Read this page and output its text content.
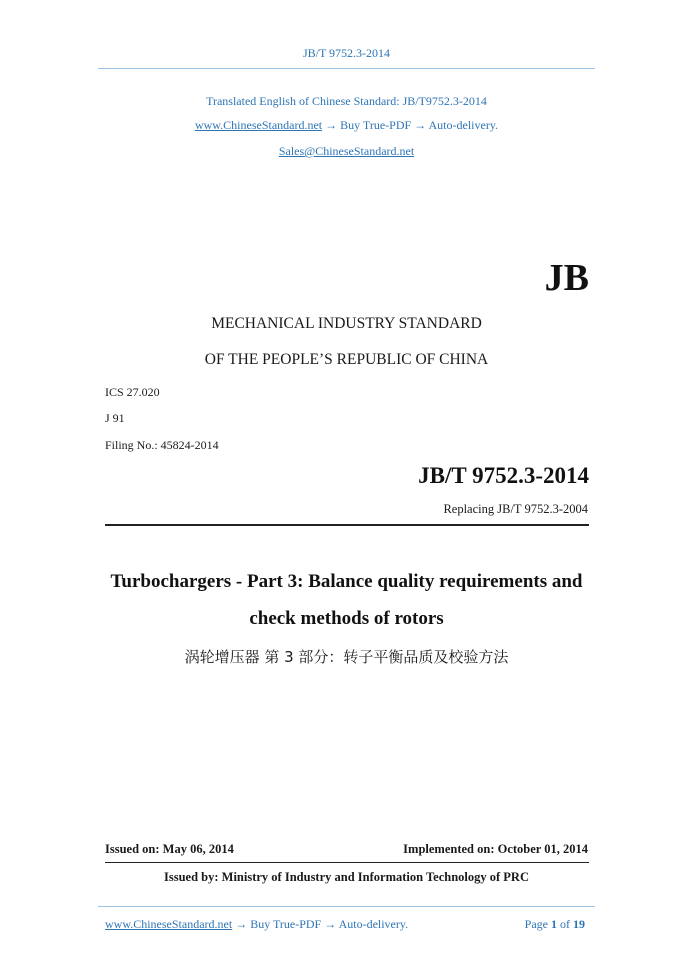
JB/T 9752.3-2014
Translated English of Chinese Standard: JB/T9752.3-2014
www.ChineseStandard.net → Buy True-PDF → Auto-delivery.
Sales@ChineseStandard.net
JB
MECHANICAL INDUSTRY STANDARD
OF THE PEOPLE’S REPUBLIC OF CHINA
ICS 27.020
J 91
Filing No.: 45824-2014
JB/T 9752.3-2014
Replacing JB/T 9752.3-2004
Turbochargers - Part 3: Balance quality requirements and
check methods of rotors
涡轮增压器 第 3 部分：转子平衡品质及校验方法
Issued on: May 06, 2014	Implemented on: October 01, 2014
Issued by: Ministry of Industry and Information Technology of PRC
www.ChineseStandard.net → Buy True-PDF → Auto-delivery.	Page 1 of 19
